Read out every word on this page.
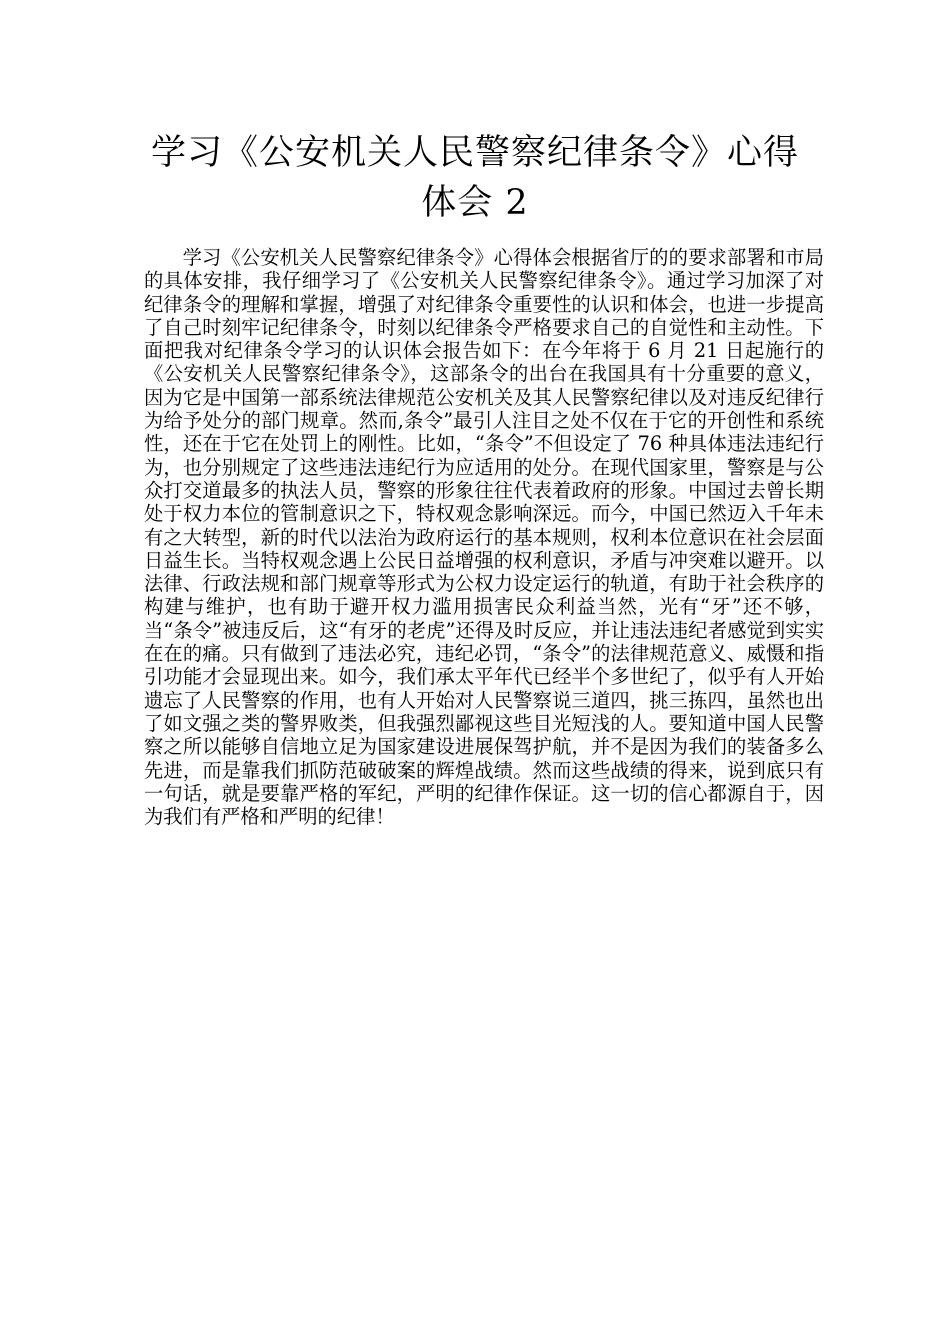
学习《公安机关人民警察纪律条令》心得
体会 2

学习《公安机关人民警察纪律条令》心得体会根据省厅的的要求部署和市局的具体安排，我仔细学习了《公安机关人民警察纪律条令》。通过学习加深了对纪律条令的理解和掌握，增强了对纪律条令重要性的认识和体会，也进一步提高了自己时刻牢记纪律条令，时刻以纪律条令严格要求自己的自觉性和主动性。下面把我对纪律条令学习的认识体会报告如下：在今年将于 6 月 21 日起施行的《公安机关人民警察纪律条令》，这部条令的出台在我国具有十分重要的意义，因为它是中国第一部系统法律规范公安机关及其人民警察纪律以及对违反纪律行为给予处分的部门规章。然而,条令”最引人注目之处不仅在于它的开创性和系统性，还在于它在处罚上的刚性。比如，“条令”不但设定了 76 种具体违法违纪行为，也分别规定了这些违法违纪行为应适用的处分。在现代国家里，警察是与公众打交道最多的执法人员，警察的形象往往代表着政府的形象。中国过去曾长期处于权力本位的管制意识之下，特权观念影响深远。而今，中国已然迈入千年未有之大转型，新的时代以法治为政府运行的基本规则，权利本位意识在社会层面日益生长。当特权观念遇上公民日益增强的权利意识，矛盾与冲突难以避开。以法律、行政法规和部门规章等形式为公权力设定运行的轨道，有助于社会秩序的构建与维护，也有助于避开权力滥用损害民众利益当然，光有“牙”还不够，当“条令”被违反后，这“有牙的老虎”还得及时反应，并让违法违纪者感觉到实实在在的痛。只有做到了违法必究，违纪必罚，“条令”的法律规范意义、威慑和指引功能才会显现出来。如今，我们承太平年代已经半个多世纪了，似乎有人开始遗忘了人民警察的作用，也有人开始对人民警察说三道四，挑三拣四，虽然也出了如文强之类的警界败类，但我强烈鄙视这些目光短浅的人。要知道中国人民警察之所以能够自信地立足为国家建设进展保驾护航，并不是因为我们的装备多么先进，而是靠我们抓防范破破案的辉煌战绩。然而这些战绩的得来，说到底只有一句话，就是要靠严格的军纪，严明的纪律作保证。这一切的信心都源自于，因为我们有严格和严明的纪律！
